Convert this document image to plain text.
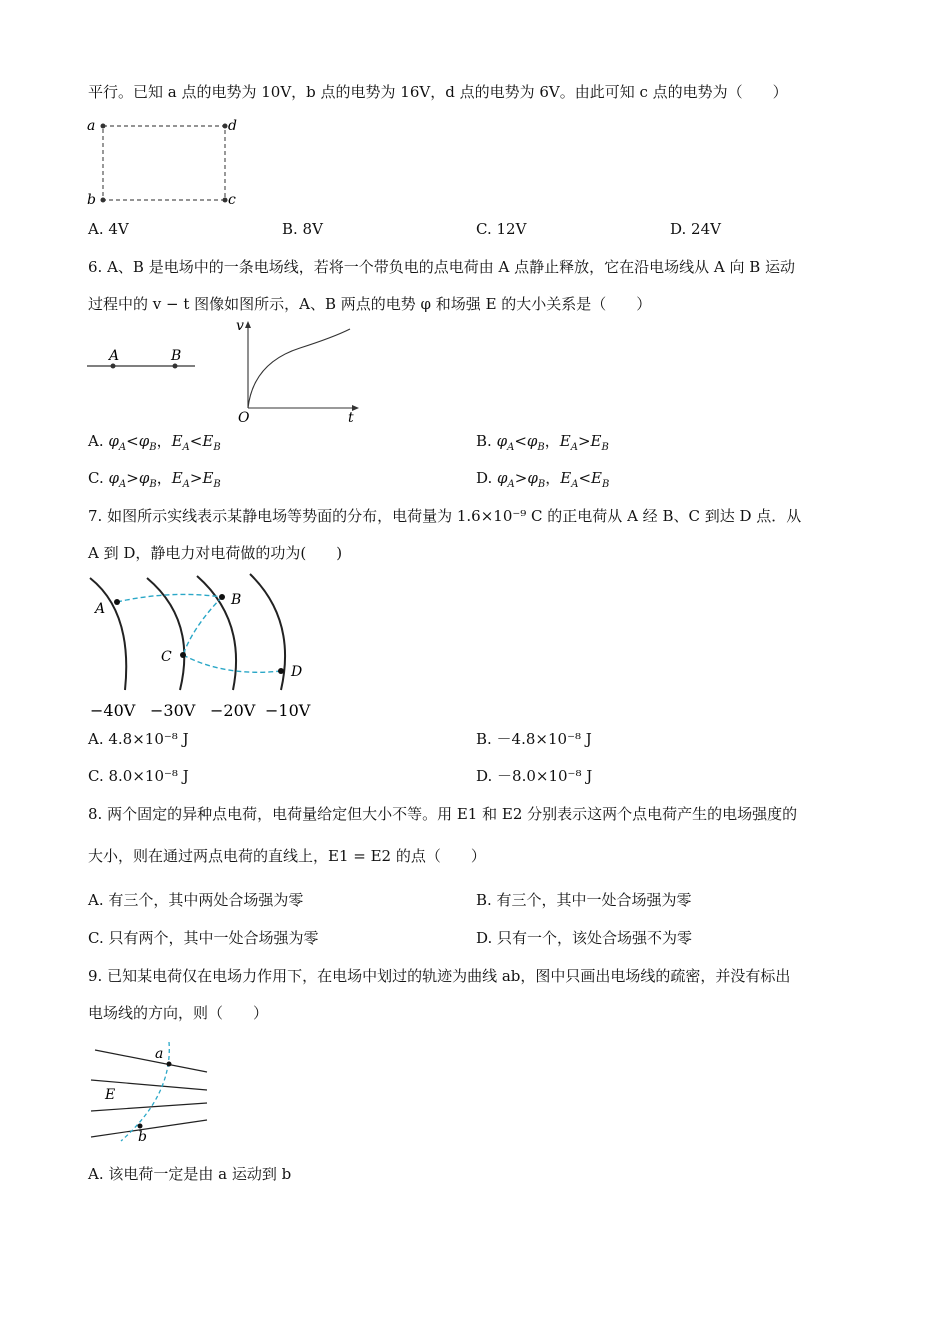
平行。已知 a 点的电势为 10V，b 点的电势为 16V，d 点的电势为 6V。由此可知 c 点的电势为（　　）
a	d
b	c
A. 4V	B. 8V	C. 12V	D. 24V
6. A、B 是电场中的一条电场线，若将一个带负电的点电荷由 A 点静止释放，它在沿电场线从 A 向 B 运动
过程中的 v − t 图像如图所示，A、B 两点的电势 φ 和场强 E 的大小关系是（　　）
A	B
v
t
O
A. $\varphi_A<\varphi_B$，$E_A<E_B$	B. $\varphi_A<\varphi_B$，$E_A>E_B$
C. $\varphi_A>\varphi_B$，$E_A>E_B$	D. $\varphi_A>\varphi_B$，$E_A<E_B$
7. 如图所示实线表示某静电场等势面的分布，电荷量为 1.6×10⁻⁹ C 的正电荷从 A 经 B、C 到达 D 点．从
A 到 D，静电力对电荷做的功为(　　)
A
B
C
D
−40V −30V −20V −10V
A. 4.8×10⁻⁸ J	B. －4.8×10⁻⁸ J
C. 8.0×10⁻⁸ J	D. －8.0×10⁻⁸ J
8. 两个固定的异种点电荷，电荷量给定但大小不等。用 E1 和 E2 分别表示这两个点电荷产生的电场强度的
大小，则在通过两点电荷的直线上，E1 = E2 的点（　　）
A. 有三个，其中两处合场强为零	B. 有三个，其中一处合场强为零
C. 只有两个，其中一处合场强为零	D. 只有一个，该处合场强不为零
9. 已知某电荷仅在电场力作用下，在电场中划过的轨迹为曲线 ab，图中只画出电场线的疏密，并没有标出
电场线的方向，则（　　）
a
b
E
A. 该电荷一定是由 a 运动到 b
